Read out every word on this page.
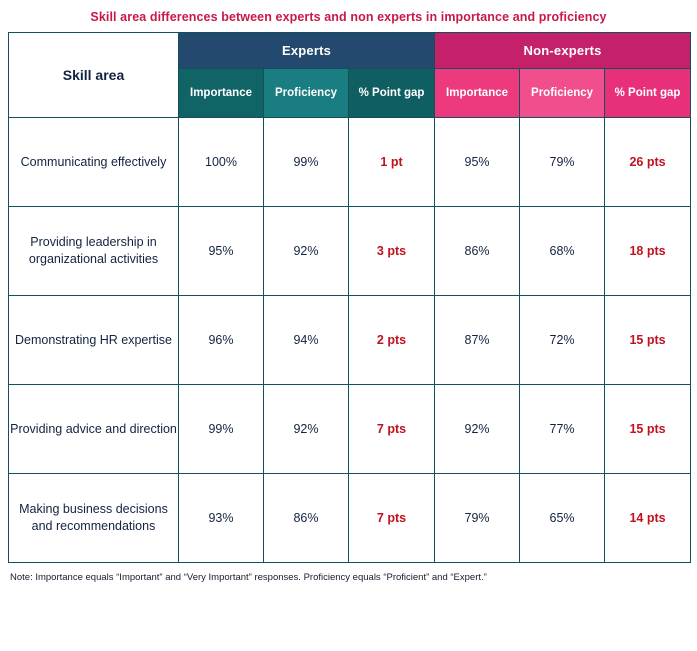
Skill area differences between experts and non experts in importance and proficiency
Skill area	Experts			Non-experts		
	Importance	Proficiency	% Point gap	Importance	Proficiency	% Point gap
Communicating effectively	100%	99%	1 pt	95%	79%	26 pts
Providing leadership in organizational activities	95%	92%	3 pts	86%	68%	18 pts
Demonstrating HR expertise	96%	94%	2 pts	87%	72%	15 pts
Providing advice and direction	99%	92%	7 pts	92%	77%	15 pts
Making business decisions and recommendations	93%	86%	7 pts	79%	65%	14 pts
Note: Importance equals “Important” and “Very Important” responses. Proficiency equals “Proficient” and “Expert.”
